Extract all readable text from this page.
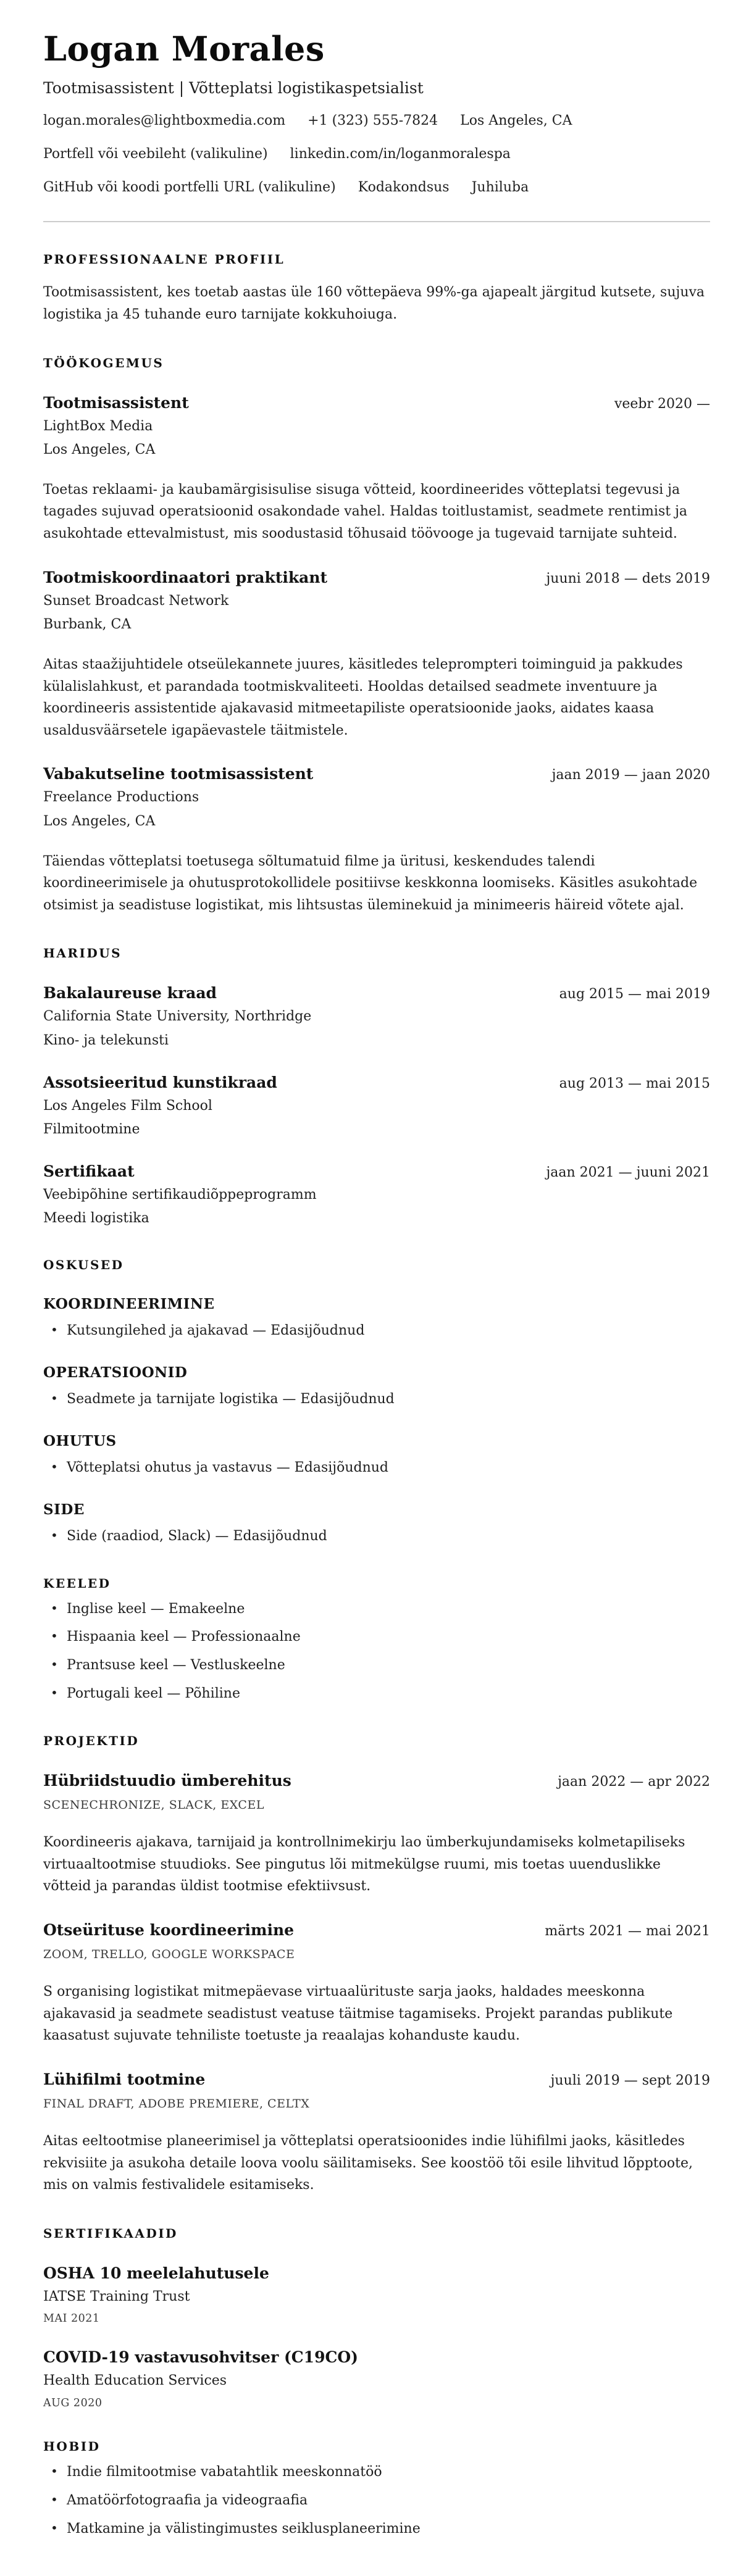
Logan Morales
Tootmisassistent | Võtteplatsi logistikaspetsialist
logan.morales@lightboxmedia.com +1 (323) 555-7824 Los Angeles, CA
Portfell või veebileht (valikuline) linkedin.com/in/loganmoralespa
GitHub või koodi portfelli URL (valikuline) Kodakondsus Juhiluba
PROFESSIONAALNE PROFIIL

Tootmisassistent, kes toetab aastas üle 160 võttepäeva 99%-ga ajapealt järgitud kutsete, sujuva logistika ja 45 tuhande euro tarnijate kokkuhoiuga.

TÖÖKOGEMUS
Tootmisassistent	veebr 2020 —
LightBox Media
Los Angeles, CA

Toetas reklaami- ja kaubamärgisisulise sisuga võtteid, koordineerides võtteplatsi tegevusi ja tagades sujuvad operatsioonid osakondade vahel. Haldas toitlustamist, seadmete rentimist ja asukohtade ettevalmistust, mis soodustasid tõhusaid töövooge ja tugevaid tarnijate suhteid.

Tootmiskoordinaatori praktikant	juuni 2018 — dets 2019
Sunset Broadcast Network
Burbank, CA

Aitas staažijuhtidele otseülekannete juures, käsitledes teleprompteri toiminguid ja pakkudes külalislahkust, et parandada tootmiskvaliteeti. Hooldas detailsed seadmete inventuure ja koordineeris assistentide ajakavasid mitmeetapiliste operatsioonide jaoks, aidates kaasa usaldusväärsetele igapäevastele täitmistele.

Vabakutseline tootmisassistent	jaan 2019 — jaan 2020
Freelance Productions
Los Angeles, CA

Täiendas võtteplatsi toetusega sõltumatuid filme ja üritusi, keskendudes talendi koordineerimisele ja ohutusprotokollidele positiivse keskkonna loomiseks. Käsitles asukohtade otsimist ja seadistuse logistikat, mis lihtsustas üleminekuid ja minimeeris häireid võtete ajal.

HARIDUS
Bakalaureuse kraad	aug 2015 — mai 2019
California State University, Northridge
Kino- ja telekunsti
Assotsieeritud kunstikraad	aug 2013 — mai 2015
Los Angeles Film School
Filmitootmine
Sertifikaat	jaan 2021 — juuni 2021
Veebipõhine sertifikaudiõppeprogramm
Meedi logistika
OSKUSED
KOORDINEERIMINE
• Kutsungilehed ja ajakavad — Edasijõudnud
OPERATSIOONID
• Seadmete ja tarnijate logistika — Edasijõudnud
OHUTUS
• Võtteplatsi ohutus ja vastavus — Edasijõudnud
SIDE
• Side (raadiod, Slack) — Edasijõudnud
KEELED
• Inglise keel — Emakeelne
• Hispaania keel — Professionaalne
• Prantsuse keel — Vestluskeelne
• Portugali keel — Põhiline
PROJEKTID
Hübriidstuudio ümberehitus	jaan 2022 — apr 2022
SCENECHRONIZE, SLACK, EXCEL

Koordineeris ajakava, tarnijaid ja kontrollnimekirju lao ümberkujundamiseks kolmetapiliseks virtuaaltootmise stuudioks. See pingutus lõi mitmekülgse ruumi, mis toetas uuenduslikke võtteid ja parandas üldist tootmise efektiivsust.

Otseürituse koordineerimine	märts 2021 — mai 2021
ZOOM, TRELLO, GOOGLE WORKSPACE

S organising logistikat mitmepäevase virtuaalürituste sarja jaoks, haldades meeskonna ajakavasid ja seadmete seadistust veatuse täitmise tagamiseks. Projekt parandas publikute kaasatust sujuvate tehniliste toetuste ja reaalajas kohanduste kaudu.

Lühifilmi tootmine	juuli 2019 — sept 2019
FINAL DRAFT, ADOBE PREMIERE, CELTX

Aitas eeltootmise planeerimisel ja võtteplatsi operatsioonides indie lühifilmi jaoks, käsitledes rekvisiite ja asukoha detaile loova voolu säilitamiseks. See koostöö tõi esile lihvitud lõpptoote, mis on valmis festivalidele esitamiseks.

SERTIFIKAADID
OSHA 10 meelelahutusele
IATSE Training Trust
MAI 2021
COVID-19 vastavusohvitser (C19CO)
Health Education Services
AUG 2020
HOBID
• Indie filmitootmise vabatahtlik meeskonnatöö
• Amatöörfotograafia ja videograafia
• Matkamine ja välistingimustes seiklusplaneerimine
